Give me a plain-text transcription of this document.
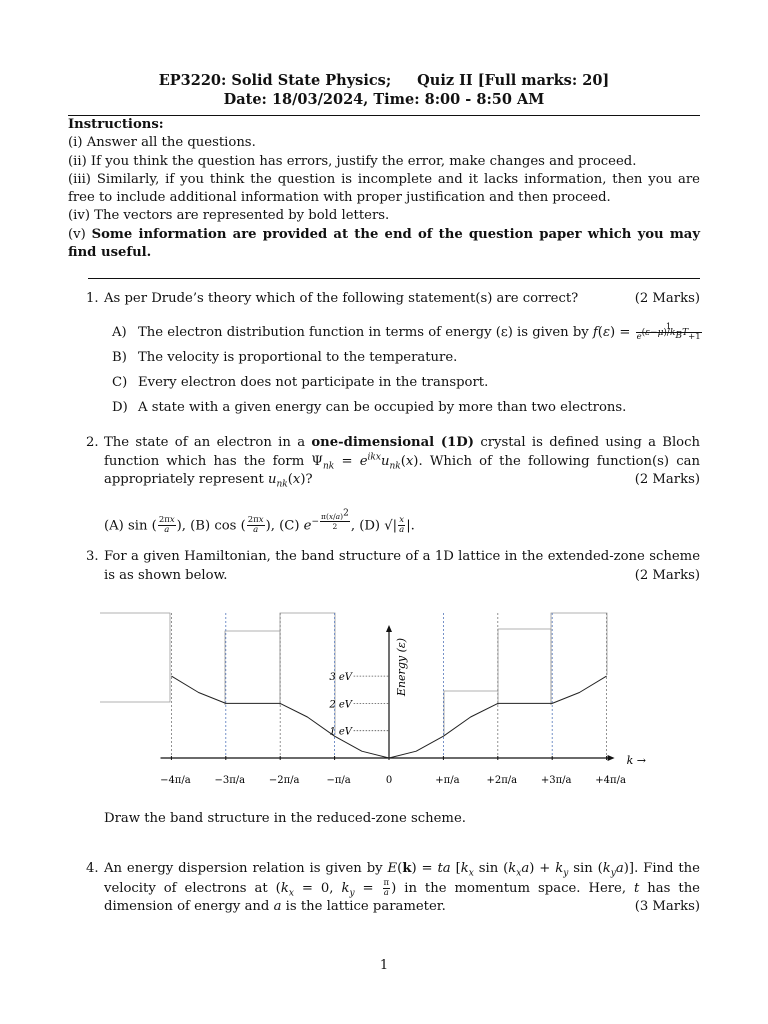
EP3220: Solid State Physics; Quiz II [Full marks: 20]
Date: 18/03/2024, Time: 8:00 - 8:50 AM

Instructions:

(i) Answer all the questions.

(ii) If you think the question has errors, justify the error, make changes and proceed.

(iii) Similarly, if you think the question is incomplete and it lacks information, then you are free to include additional information with proper justification and then proceed.

(iv) The vectors are represented by bold letters.

(v) Some information are provided at the end of the question paper which you may find useful.

1. As per Drude’s theory which of the following statement(s) are correct?	(2 Marks)
A) The electron distribution function in terms of energy (ε) is given by $f(\varepsilon) = \frac{1}{e^{(\varepsilon-\mu)/k_BT}+1}$
B) The velocity is proportional to the temperature.
C) Every electron does not participate in the transport.
D) A state with a given energy can be occupied by more than two electrons.
2. The state of an electron in a one-dimensional (1D) crystal is defined using a Bloch function which has the form $\Psi_{nk} = e^{ikx}u_{nk}(x)$. Which of the following function(s) can appropriately represent $u_{nk}(x)$?	(2 Marks)
(A) sin ( $\frac{2\pi x}{a}$ ), (B) cos ( $\frac{2\pi x}{a}$ ), (C) $e^{- \frac{\pi(x/a)^2}{2}}$ , (D) √| $\frac{x}{a}$ |.
3. For a given Hamiltonian, the band structure of a 1D lattice in the extended-zone scheme is as shown below.	(2 Marks)
−4π/a −3π/a −2π/a	−π/a	0	+π/a	+2π/a +3π/a +4π/a
1 eV
2 eV
3 eV	Energy (ε)
k →
Draw the band structure in the reduced-zone scheme.
4. An energy dispersion relation is given by E(k) = ta [$k_x$ $\sin (k_xa) + k_y$ $\sin (k_ya)$]. Find the velocity of electrons at ($k_x = 0$, $k_y = \frac{\pi}{a}$ ) in the momentum space. Here, t has the dimension of energy and a is the lattice parameter.	(3 Marks)
1
